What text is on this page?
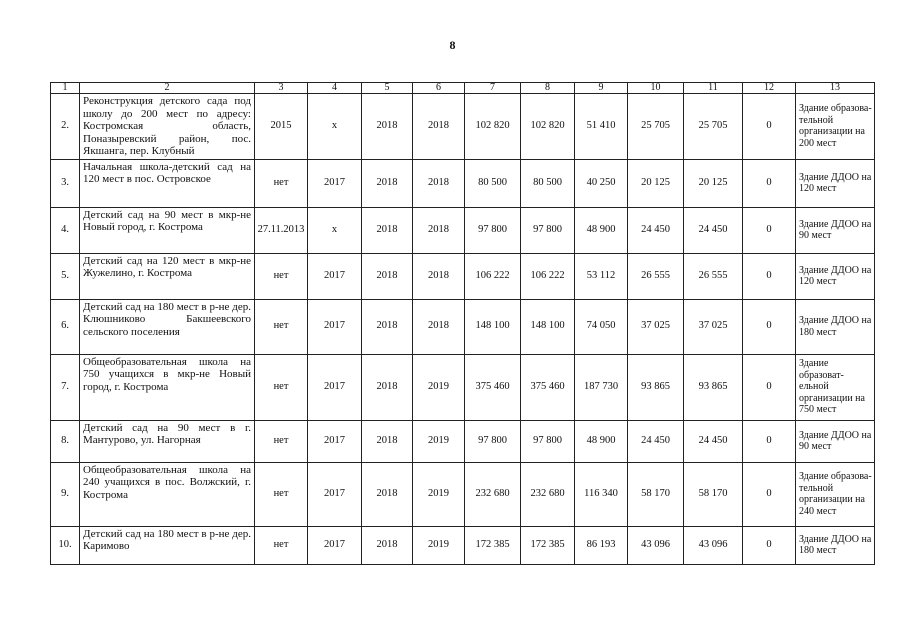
8
1	2	3	4	5	6	7	8	9	10	11	12	13
2.	Реконструкция детского сада под школу до 200 мест по адресу: Костромская область, Поназыревский район, пос. Якшанга, пер. Клубный	2015	х	2018	2018	102 820	102 820	51 410	25 705	25 705	0	Здание образова-тельной организации на 200 мест
3.	Начальная школа-детский сад на 120 мест в пос. Островское	нет	2017	2018	2018	80 500	80 500	40 250	20 125	20 125	0	Здание ДДОО на 120 мест
4.	Детский сад на 90 мест в мкр-не Новый город, г. Кострома	27.11.2013	х	2018	2018	97 800	97 800	48 900	24 450	24 450	0	Здание ДДОО на 90 мест
5.	Детский сад на 120 мест в мкр-не Жужелино, г. Кострома	нет	2017	2018	2018	106 222	106 222	53 112	26 555	26 555	0	Здание ДДОО на 120 мест
6.	Детский сад на 180 мест в р-не дер. Клюшниково Бакшеевского сельского поселения	нет	2017	2018	2018	148 100	148 100	74 050	37 025	37 025	0	Здание ДДОО на 180 мест
7.	Общеобразовательная школа на 750 учащихся в мкр-не Новый город, г. Кострома	нет	2017	2018	2019	375 460	375 460	187 730	93 865	93 865	0	Здание образоват-ельной организации на 750 мест
8.	Детский сад на 90 мест в г. Мантурово, ул. Нагорная	нет	2017	2018	2019	97 800	97 800	48 900	24 450	24 450	0	Здание ДДОО на 90 мест
9.	Общеобразовательная школа на 240 учащихся в пос. Волжский, г. Кострома	нет	2017	2018	2019	232 680	232 680	116 340	58 170	58 170	0	Здание образова-тельной организации на 240 мест
10.	Детский сад на 180 мест в р-не дер. Каримово	нет	2017	2018	2019	172 385	172 385	86 193	43 096	43 096	0	Здание ДДОО на 180 мест
